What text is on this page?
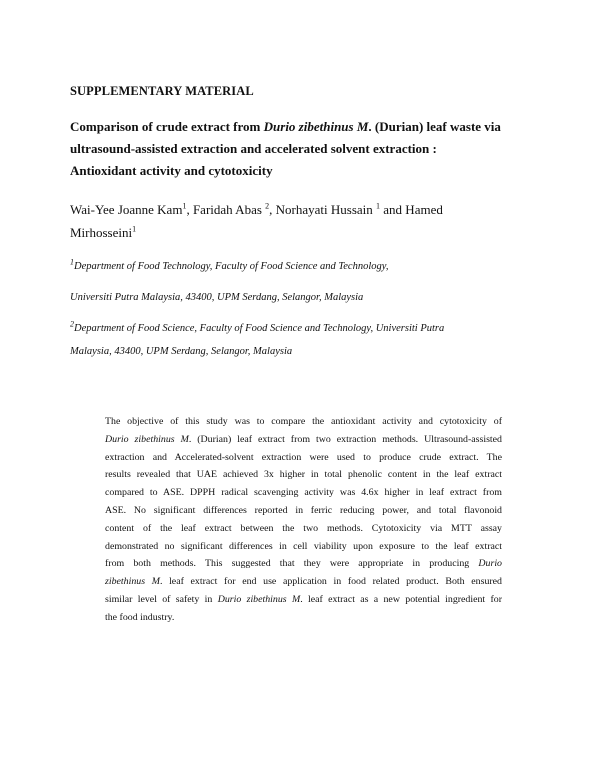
SUPPLEMENTARY MATERIAL
Comparison of crude extract from Durio zibethinus M. (Durian) leaf waste via
ultrasound-assisted extraction and accelerated solvent extraction :
Antioxidant activity and cytotoxicity
Wai-Yee Joanne Kam$^1$, Faridah Abas $^2$, Norhayati Hussain $^1$ and Hamed
Mirhosseini$^1$
$^1$Department of Food Technology, Faculty of Food Science and Technology,
Universiti Putra Malaysia, 43400, UPM Serdang, Selangor, Malaysia
$^2$Department of Food Science, Faculty of Food Science and Technology, Universiti Putra
Malaysia, 43400, UPM Serdang, Selangor, Malaysia
The objective of this study was to compare the antioxidant activity and cytotoxicity of
Durio zibethinus M. (Durian) leaf extract from two extraction methods. Ultrasound-assisted
extraction and Accelerated-solvent extraction were used to produce crude extract. The
results revealed that UAE achieved 3x higher in total phenolic content in the leaf extract
compared to ASE. DPPH radical scavenging activity was 4.6x higher in leaf extract from
ASE. No significant differences reported in ferric reducing power, and total flavonoid
content of the leaf extract between the two methods. Cytotoxicity via MTT assay
demonstrated no significant differences in cell viability upon exposure to the leaf extract
from both methods. This suggested that they were appropriate in producing Durio
zibethinus M. leaf extract for end use application in food related product. Both ensured
similar level of safety in Durio zibethinus M. leaf extract as a new potential ingredient for
the food industry.
